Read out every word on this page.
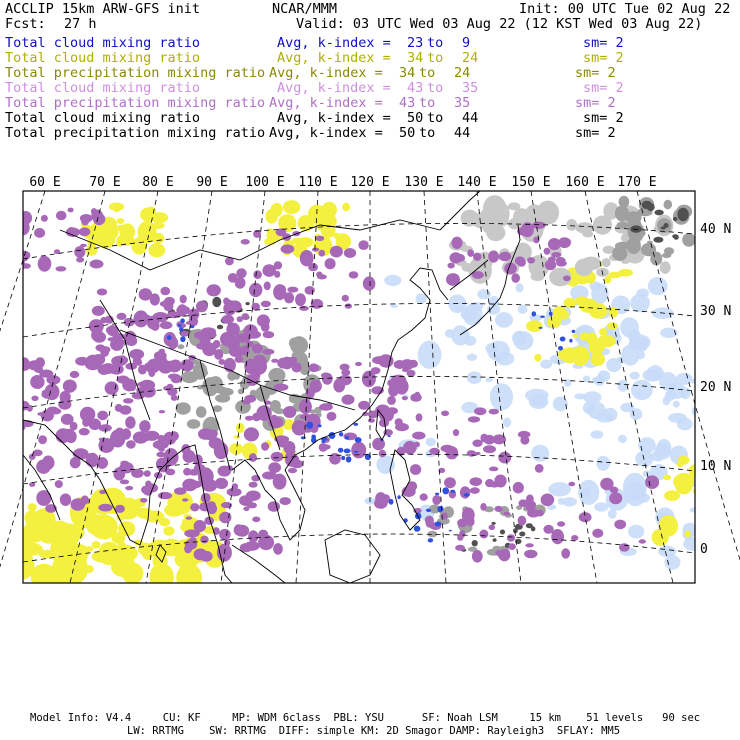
ACCLIP 15km ARW-GFS init	NCAR/MMM	Init: 00 UTC Tue 02 Aug 22
Fcst: 27 h	Valid: 03 UTC Wed 03 Aug 22 (12 KST Wed 03 Aug 22)
Total cloud mixing ratio	Avg, k-index = 23 to 9	sm= 2
Total cloud mixing ratio	Avg, k-index = 34 to 24	sm= 2
Total precipitation mixing ratio Avg, k-index = 34 to 24	sm= 2
Total cloud mixing ratio	Avg, k-index = 43 to 35	sm= 2
Total precipitation mixing ratio Avg, k-index = 43 to 35	sm= 2
Total cloud mixing ratio	Avg, k-index = 50 to 44	sm= 2
Total precipitation mixing ratio Avg, k-index = 50 to 44	sm= 2
60 E 70 E 80 E 90 E 100 E 110 E 120 E 130 E 140 E 150 E 160 E 170 E
40 N
30 N
20 N
10 N
0
Model Info: V4.4     CU: KF     MP: WDM 6class  PBL: YSU      SF: Noah LSM     15 km    51 levels   90 sec
LW: RRTMG    SW: RRTMG  DIFF: simple KM: 2D Smagor DAMP: Rayleigh3  SFLAY: MM5
